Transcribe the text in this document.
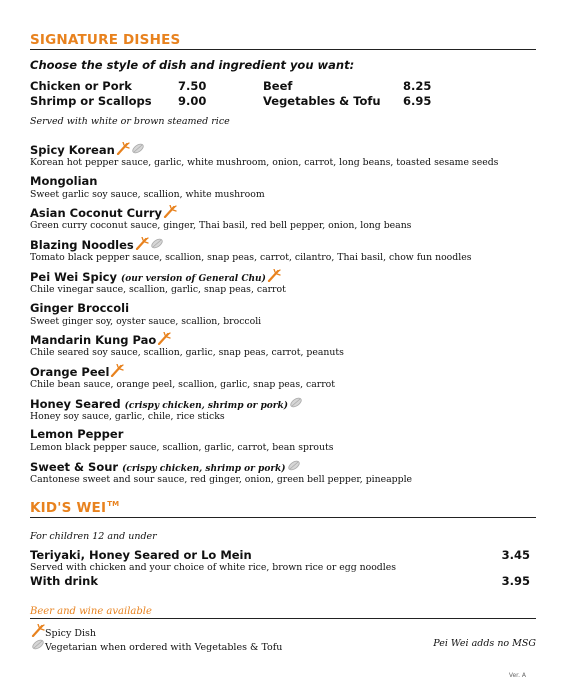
SIGNATURE DISHES
Choose the style of dish and ingredient you want:
Chicken or Pork	7.50	Beef	8.25
Shrimp or Scallops 9.00	Vegetables & Tofu 6.95
Served with white or brown steamed rice
Spicy Korean
Korean hot pepper sauce, garlic, white mushroom, onion, carrot, long beans, toasted sesame seeds
Mongolian
Sweet garlic soy sauce, scallion, white mushroom
Asian Coconut Curry
Green curry coconut sauce, ginger, Thai basil, red bell pepper, onion, long beans
Blazing Noodles
Tomato black pepper sauce, scallion, snap peas, carrot, cilantro, Thai basil, chow fun noodles
Pei Wei Spicy (our version of General Chu)
Chile vinegar sauce, scallion, garlic, snap peas, carrot
Ginger Broccoli
Sweet ginger soy, oyster sauce, scallion, broccoli
Mandarin Kung Pao
Chile seared soy sauce, scallion, garlic, snap peas, carrot, peanuts
Orange Peel
Chile bean sauce, orange peel, scallion, garlic, snap peas, carrot
Honey Seared (crispy chicken, shrimp or pork)
Honey soy sauce, garlic, chile, rice sticks
Lemon Pepper
Lemon black pepper sauce, scallion, garlic, carrot, bean sprouts
Sweet & Sour (crispy chicken, shrimp or pork)
Cantonese sweet and sour sauce, red ginger, onion, green bell pepper, pineapple
KID'S WEI™
For children 12 and under
Teriyaki, Honey Seared or Lo Mein	3.45
Served with chicken and your choice of white rice, brown rice or egg noodles
With drink	3.95
Beer and wine available
Spicy Dish
Vegetarian when ordered with Vegetables & Tofu	Pei Wei adds no MSG
Ver. A
